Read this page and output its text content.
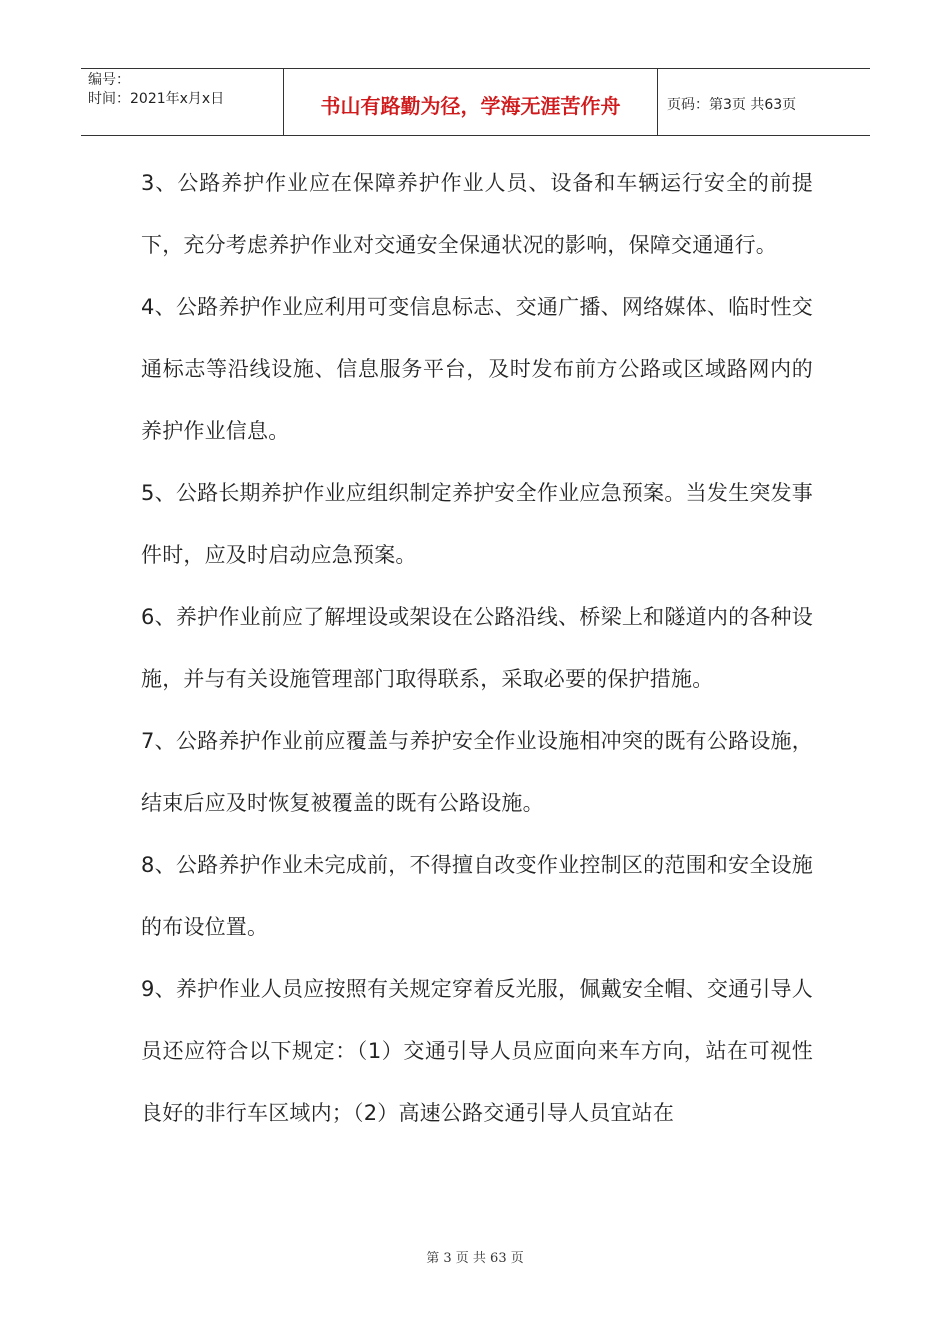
编号：
时间：2021年x月x日	书山有路勤为径，学海无涯苦作舟	页码：第3页 共63页

3、公路养护作业应在保障养护作业人员、设备和车辆运行安全的前提下，充分考虑养护作业对交通安全保通状况的影响，保障交通通行。

4、公路养护作业应利用可变信息标志、交通广播、网络媒体、临时性交通标志等沿线设施、信息服务平台，及时发布前方公路或区域路网内的养护作业信息。

5、公路长期养护作业应组织制定养护安全作业应急预案。当发生突发事件时，应及时启动应急预案。

6、养护作业前应了解埋设或架设在公路沿线、桥梁上和隧道内的各种设施，并与有关设施管理部门取得联系，采取必要的保护措施。

7、公路养护作业前应覆盖与养护安全作业设施相冲突的既有公路设施，结束后应及时恢复被覆盖的既有公路设施。

8、公路养护作业未完成前，不得擅自改变作业控制区的范围和安全设施的布设位置。

9、养护作业人员应按照有关规定穿着反光服，佩戴安全帽、交通引导人员还应符合以下规定：（1）交通引导人员应面向来车方向，站在可视性良好的非行车区域内；（2）高速公路交通引导人员宜站在

第 3 页 共 63 页
